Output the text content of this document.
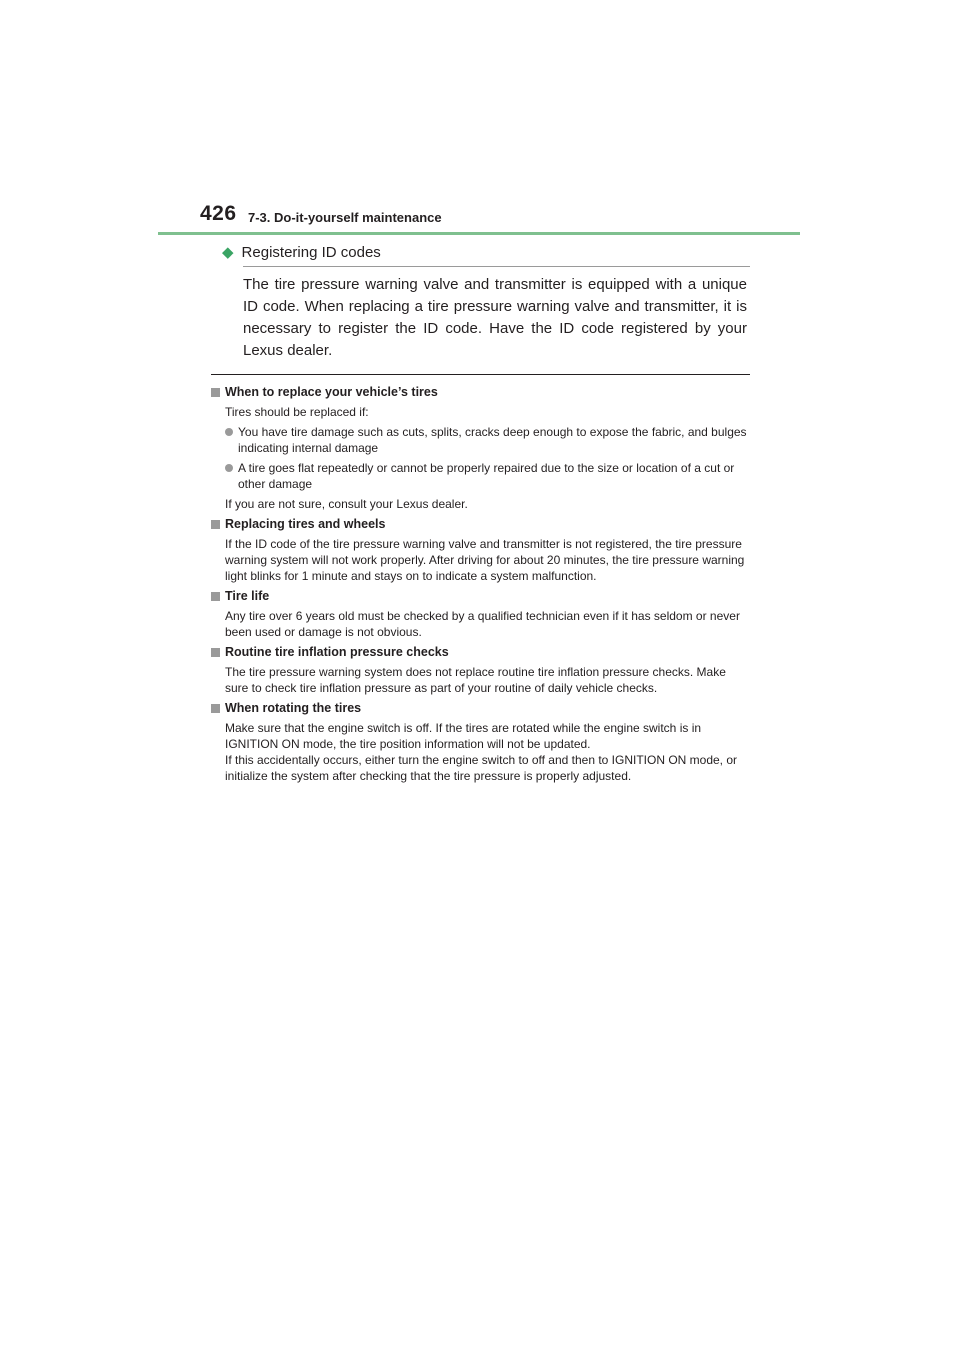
426 7-3. Do-it-yourself maintenance
◆ Registering ID codes

The tire pressure warning valve and transmitter is equipped with a unique ID code. When replacing a tire pressure warning valve and transmitter, it is necessary to register the ID code. Have the ID code registered by your Lexus dealer.

When to replace your vehicle’s tires
Tires should be replaced if:
You have tire damage such as cuts, splits, cracks deep enough to expose the fabric, and bulges indicating internal damage
A tire goes flat repeatedly or cannot be properly repaired due to the size or location of a cut or other damage
If you are not sure, consult your Lexus dealer.
Replacing tires and wheels
If the ID code of the tire pressure warning valve and transmitter is not registered, the tire pressure warning system will not work properly. After driving for about 20 minutes, the tire pressure warning light blinks for 1 minute and stays on to indicate a system malfunction.
Tire life
Any tire over 6 years old must be checked by a qualified technician even if it has seldom or never been used or damage is not obvious.
Routine tire inflation pressure checks
The tire pressure warning system does not replace routine tire inflation pressure checks. Make sure to check tire inflation pressure as part of your routine of daily vehicle checks.
When rotating the tires
Make sure that the engine switch is off. If the tires are rotated while the engine switch is in IGNITION ON mode, the tire position information will not be updated.
If this accidentally occurs, either turn the engine switch to off and then to IGNITION ON mode, or initialize the system after checking that the tire pressure is properly adjusted.
